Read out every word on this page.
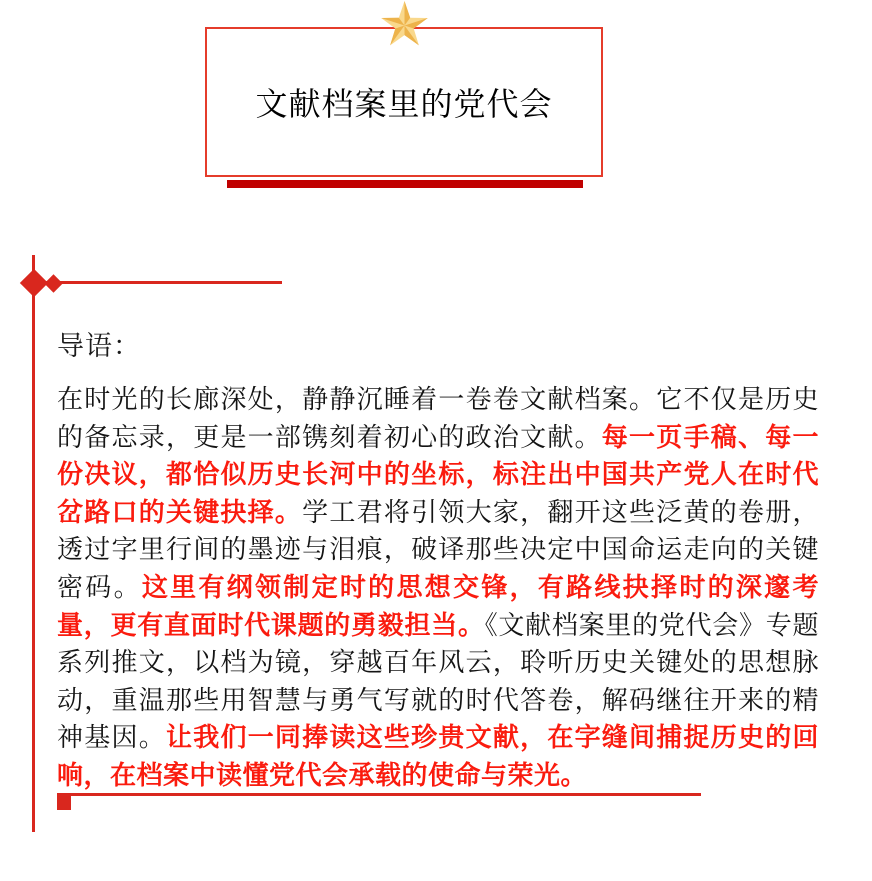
文献档案里的党代会
导语：
在时光的长廊深处，静静沉睡着一卷卷文献档案。它不仅是历史的备忘录，更是一部镌刻着初心的政治文献。每一页手稿、每一份决议，都恰似历史长河中的坐标，标注出中国共产党人在时代岔路口的关键抉择。学工君将引领大家，翻开这些泛黄的卷册，透过字里行间的墨迹与泪痕，破译那些决定中国命运走向的关键密码。这里有纲领制定时的思想交锋，有路线抉择时的深邃考量，更有直面时代课题的勇毅担当。《文献档案里的党代会》专题系列推文，以档为镜，穿越百年风云，聆听历史关键处的思想脉动，重温那些用智慧与勇气写就的时代答卷，解码继往开来的精神基因。让我们一同捧读这些珍贵文献，在字缝间捕捉历史的回响，在档案中读懂党代会承载的使命与荣光。
